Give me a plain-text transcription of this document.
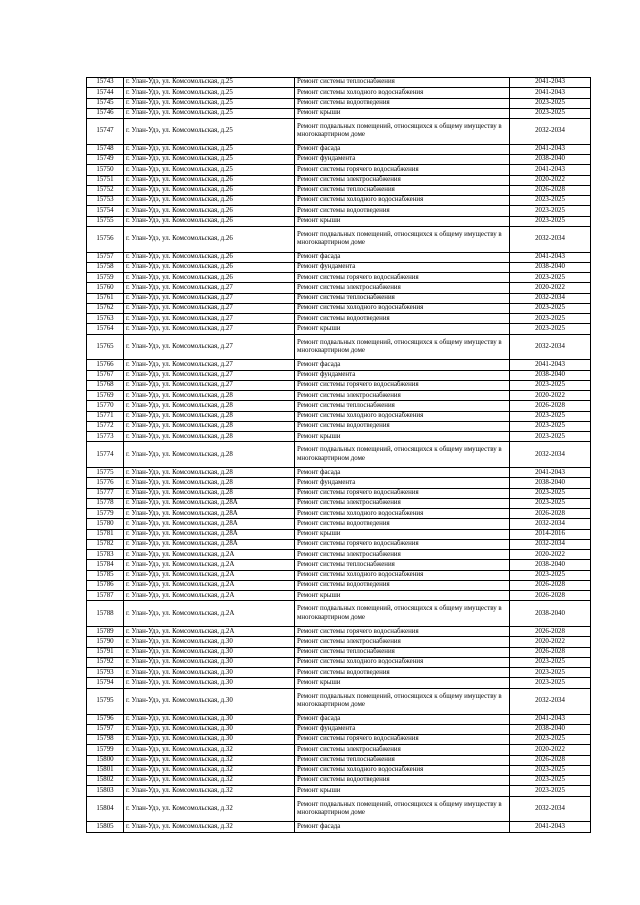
15743	г. Улан-Удэ, ул. Комсомольская, д.25	Ремонт системы теплоснабжения	2041-2043
15744	г. Улан-Удэ, ул. Комсомольская, д.25	Ремонт системы холодного водоснабжения	2041-2043
15745	г. Улан-Удэ, ул. Комсомольская, д.25	Ремонт системы водоотведения	2023-2025
15746	г. Улан-Удэ, ул. Комсомольская, д.25	Ремонт крыши	2023-2025
15747	г. Улан-Удэ, ул. Комсомольская, д.25	Ремонт подвальных помещений, относящихся к общему имуществу в многоквартирном доме	2032-2034
15748	г. Улан-Удэ, ул. Комсомольская, д.25	Ремонт фасада	2041-2043
15749	г. Улан-Удэ, ул. Комсомольская, д.25	Ремонт фундамента	2038-2040
15750	г. Улан-Удэ, ул. Комсомольская, д.25	Ремонт системы горячего водоснабжения	2041-2043
15751	г. Улан-Удэ, ул. Комсомольская, д.26	Ремонт системы электроснабжения	2020-2022
15752	г. Улан-Удэ, ул. Комсомольская, д.26	Ремонт системы теплоснабжения	2026-2028
15753	г. Улан-Удэ, ул. Комсомольская, д.26	Ремонт системы холодного водоснабжения	2023-2025
15754	г. Улан-Удэ, ул. Комсомольская, д.26	Ремонт системы водоотведения	2023-2025
15755	г. Улан-Удэ, ул. Комсомольская, д.26	Ремонт крыши	2023-2025
15756	г. Улан-Удэ, ул. Комсомольская, д.26	Ремонт подвальных помещений, относящихся к общему имуществу в многоквартирном доме	2032-2034
15757	г. Улан-Удэ, ул. Комсомольская, д.26	Ремонт фасада	2041-2043
15758	г. Улан-Удэ, ул. Комсомольская, д.26	Ремонт фундамента	2038-2040
15759	г. Улан-Удэ, ул. Комсомольская, д.26	Ремонт системы горячего водоснабжения	2023-2025
15760	г. Улан-Удэ, ул. Комсомольская, д.27	Ремонт системы электроснабжения	2020-2022
15761	г. Улан-Удэ, ул. Комсомольская, д.27	Ремонт системы теплоснабжения	2032-2034
15762	г. Улан-Удэ, ул. Комсомольская, д.27	Ремонт системы холодного водоснабжения	2023-2025
15763	г. Улан-Удэ, ул. Комсомольская, д.27	Ремонт системы водоотведения	2023-2025
15764	г. Улан-Удэ, ул. Комсомольская, д.27	Ремонт крыши	2023-2025
15765	г. Улан-Удэ, ул. Комсомольская, д.27	Ремонт подвальных помещений, относящихся к общему имуществу в многоквартирном доме	2032-2034
15766	г. Улан-Удэ, ул. Комсомольская, д.27	Ремонт фасада	2041-2043
15767	г. Улан-Удэ, ул. Комсомольская, д.27	Ремонт фундамента	2038-2040
15768	г. Улан-Удэ, ул. Комсомольская, д.27	Ремонт системы горячего водоснабжения	2023-2025
15769	г. Улан-Удэ, ул. Комсомольская, д.28	Ремонт системы электроснабжения	2020-2022
15770	г. Улан-Удэ, ул. Комсомольская, д.28	Ремонт системы теплоснабжения	2026-2028
15771	г. Улан-Удэ, ул. Комсомольская, д.28	Ремонт системы холодного водоснабжения	2023-2025
15772	г. Улан-Удэ, ул. Комсомольская, д.28	Ремонт системы водоотведения	2023-2025
15773	г. Улан-Удэ, ул. Комсомольская, д.28	Ремонт крыши	2023-2025
15774	г. Улан-Удэ, ул. Комсомольская, д.28	Ремонт подвальных помещений, относящихся к общему имуществу в многоквартирном доме	2032-2034
15775	г. Улан-Удэ, ул. Комсомольская, д.28	Ремонт фасада	2041-2043
15776	г. Улан-Удэ, ул. Комсомольская, д.28	Ремонт фундамента	2038-2040
15777	г. Улан-Удэ, ул. Комсомольская, д.28	Ремонт системы горячего водоснабжения	2023-2025
15778	г. Улан-Удэ, ул. Комсомольская, д.28А	Ремонт системы электроснабжения	2023-2025
15779	г. Улан-Удэ, ул. Комсомольская, д.28А	Ремонт системы холодного водоснабжения	2026-2028
15780	г. Улан-Удэ, ул. Комсомольская, д.28А	Ремонт системы водоотведения	2032-2034
15781	г. Улан-Удэ, ул. Комсомольская, д.28А	Ремонт крыши	2014-2016
15782	г. Улан-Удэ, ул. Комсомольская, д.28А	Ремонт системы горячего водоснабжения	2032-2034
15783	г. Улан-Удэ, ул. Комсомольская, д.2А	Ремонт системы электроснабжения	2020-2022
15784	г. Улан-Удэ, ул. Комсомольская, д.2А	Ремонт системы теплоснабжения	2038-2040
15785	г. Улан-Удэ, ул. Комсомольская, д.2А	Ремонт системы холодного водоснабжения	2023-2025
15786	г. Улан-Удэ, ул. Комсомольская, д.2А	Ремонт системы водоотведения	2026-2028
15787	г. Улан-Удэ, ул. Комсомольская, д.2А	Ремонт крыши	2026-2028
15788	г. Улан-Удэ, ул. Комсомольская, д.2А	Ремонт подвальных помещений, относящихся к общему имуществу в многоквартирном доме	2038-2040
15789	г. Улан-Удэ, ул. Комсомольская, д.2А	Ремонт системы горячего водоснабжения	2026-2028
15790	г. Улан-Удэ, ул. Комсомольская, д.30	Ремонт системы электроснабжения	2020-2022
15791	г. Улан-Удэ, ул. Комсомольская, д.30	Ремонт системы теплоснабжения	2026-2028
15792	г. Улан-Удэ, ул. Комсомольская, д.30	Ремонт системы холодного водоснабжения	2023-2025
15793	г. Улан-Удэ, ул. Комсомольская, д.30	Ремонт системы водоотведения	2023-2025
15794	г. Улан-Удэ, ул. Комсомольская, д.30	Ремонт крыши	2023-2025
15795	г. Улан-Удэ, ул. Комсомольская, д.30	Ремонт подвальных помещений, относящихся к общему имуществу в многоквартирном доме	2032-2034
15796	г. Улан-Удэ, ул. Комсомольская, д.30	Ремонт фасада	2041-2043
15797	г. Улан-Удэ, ул. Комсомольская, д.30	Ремонт фундамента	2038-2040
15798	г. Улан-Удэ, ул. Комсомольская, д.30	Ремонт системы горячего водоснабжения	2023-2025
15799	г. Улан-Удэ, ул. Комсомольская, д.32	Ремонт системы электроснабжения	2020-2022
15800	г. Улан-Удэ, ул. Комсомольская, д.32	Ремонт системы теплоснабжения	2026-2028
15801	г. Улан-Удэ, ул. Комсомольская, д.32	Ремонт системы холодного водоснабжения	2023-2025
15802	г. Улан-Удэ, ул. Комсомольская, д.32	Ремонт системы водоотведения	2023-2025
15803	г. Улан-Удэ, ул. Комсомольская, д.32	Ремонт крыши	2023-2025
15804	г. Улан-Удэ, ул. Комсомольская, д.32	Ремонт подвальных помещений, относящихся к общему имуществу в многоквартирном доме	2032-2034
15805	г. Улан-Удэ, ул. Комсомольская, д.32	Ремонт фасада	2041-2043
